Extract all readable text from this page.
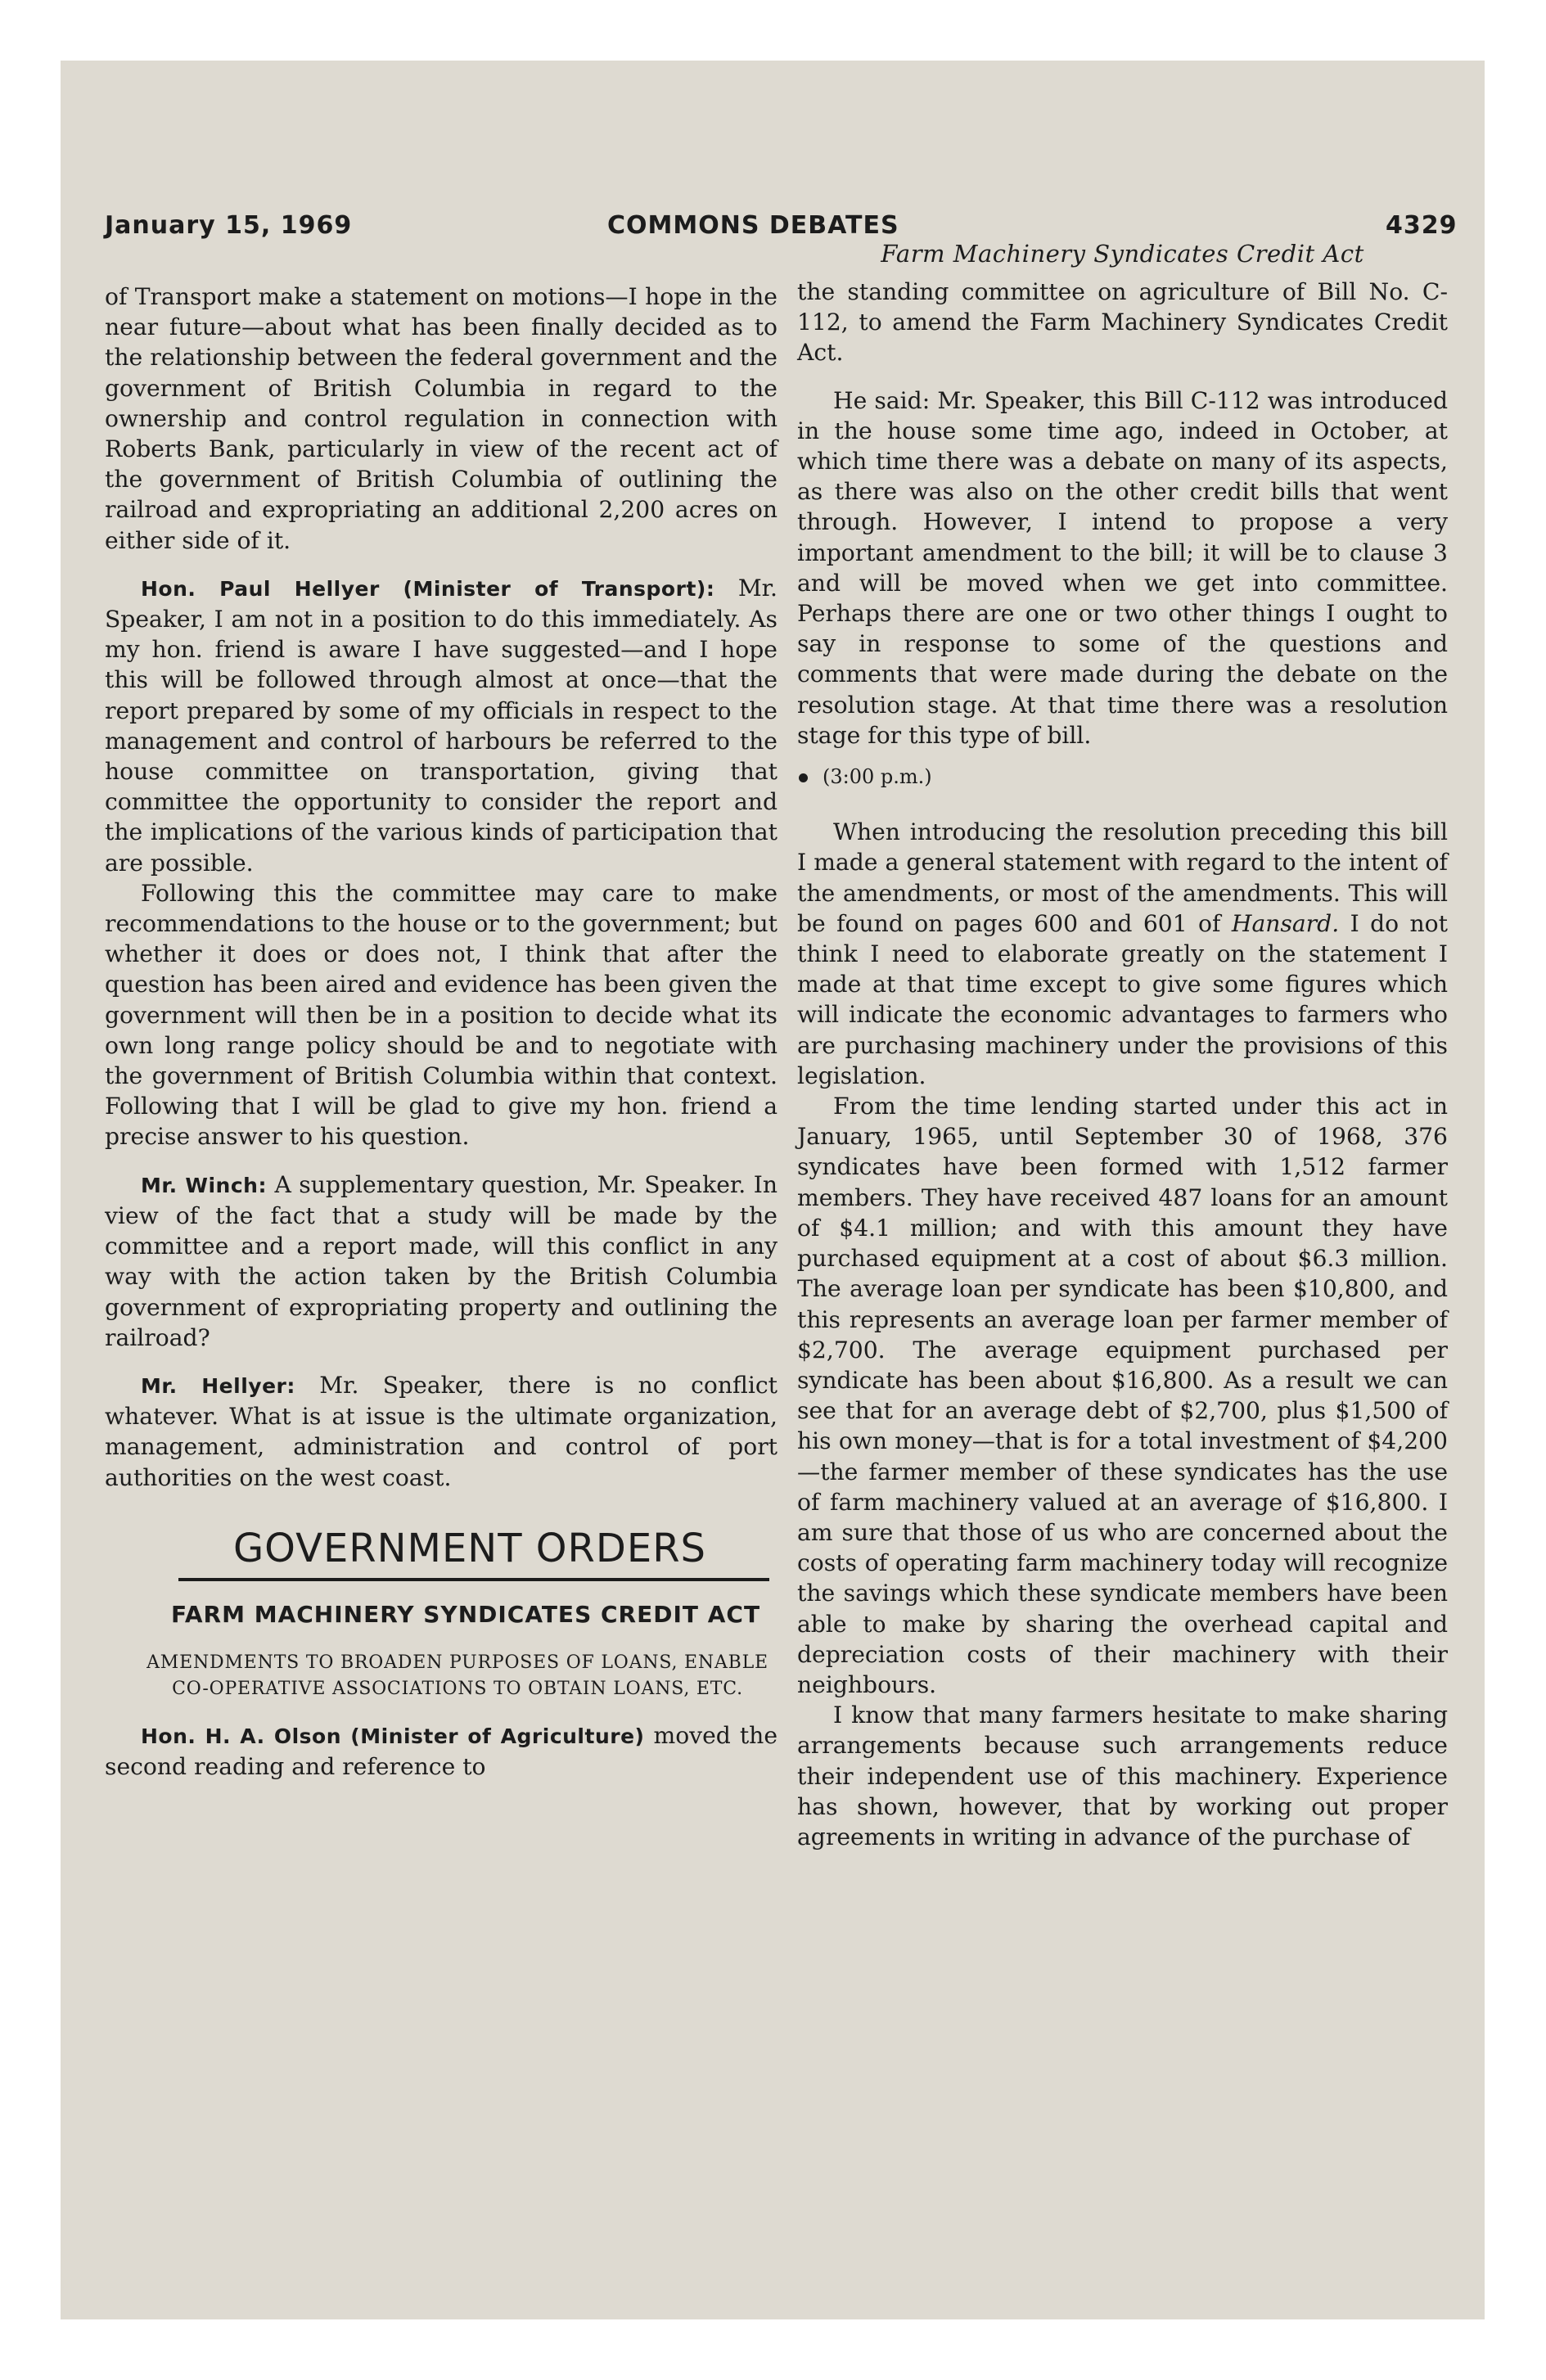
January 15, 1969	COMMONS DEBATES	4329

of Transport make a statement on motions—I hope in the near future—about what has been finally decided as to the relationship between the federal government and the government of British Columbia in regard to the ownership and control regulation in connection with Roberts Bank, particularly in view of the recent act of the government of British Columbia of outlining the railroad and expropriating an additional 2,200 acres on either side of it.

Hon. Paul Hellyer (Minister of Transport): Mr. Speaker, I am not in a position to do this immediately. As my hon. friend is aware I have suggested—and I hope this will be followed through almost at once—that the report prepared by some of my officials in respect to the management and control of harbours be referred to the house committee on transportation, giving that committee the opportunity to consider the report and the implications of the various kinds of participation that are possible.

Following this the committee may care to make recommendations to the house or to the government; but whether it does or does not, I think that after the question has been aired and evidence has been given the government will then be in a position to decide what its own long range policy should be and to negotiate with the government of British Columbia within that context. Following that I will be glad to give my hon. friend a precise answer to his question.

Mr. Winch: A supplementary question, Mr. Speaker. In view of the fact that a study will be made by the committee and a report made, will this conflict in any way with the action taken by the British Columbia government of expropriating property and outlining the railroad?

Mr. Hellyer: Mr. Speaker, there is no conflict whatever. What is at issue is the ultimate organization, management, administration and control of port authorities on the west coast.

GOVERNMENT ORDERS
FARM MACHINERY SYNDICATES CREDIT ACT
AMENDMENTS TO BROADEN PURPOSES OF LOANS, ENABLE CO-OPERATIVE ASSOCIATIONS TO OBTAIN LOANS, ETC.

Hon. H. A. Olson (Minister of Agriculture) moved the second reading and reference to

Farm Machinery Syndicates Credit Act

the standing committee on agriculture of Bill No. C-112, to amend the Farm Machinery Syndicates Credit Act.

He said: Mr. Speaker, this Bill C-112 was introduced in the house some time ago, indeed in October, at which time there was a debate on many of its aspects, as there was also on the other credit bills that went through. However, I intend to propose a very important amendment to the bill; it will be to clause 3 and will be moved when we get into committee. Perhaps there are one or two other things I ought to say in response to some of the questions and comments that were made during the debate on the resolution stage. At that time there was a resolution stage for this type of bill.

(3:00 p.m.)

When introducing the resolution preceding this bill I made a general statement with regard to the intent of the amendments, or most of the amendments. This will be found on pages 600 and 601 of Hansard. I do not think I need to elaborate greatly on the statement I made at that time except to give some figures which will indicate the economic advantages to farmers who are purchasing machinery under the provisions of this legislation.

From the time lending started under this act in January, 1965, until September 30 of 1968, 376 syndicates have been formed with 1,512 farmer members. They have received 487 loans for an amount of $4.1 million; and with this amount they have purchased equipment at a cost of about $6.3 million. The average loan per syndicate has been $10,800, and this represents an average loan per farmer member of $2,700. The average equipment purchased per syndicate has been about $16,800. As a result we can see that for an average debt of $2,700, plus $1,500 of his own money—that is for a total investment of $4,200—the farmer member of these syndicates has the use of farm machinery valued at an average of $16,800. I am sure that those of us who are concerned about the costs of operating farm machinery today will recognize the savings which these syndicate members have been able to make by sharing the overhead capital and depreciation costs of their machinery with their neighbours.

I know that many farmers hesitate to make sharing arrangements because such arrangements reduce their independent use of this machinery. Experience has shown, however, that by working out proper agreements in writing in advance of the purchase of
